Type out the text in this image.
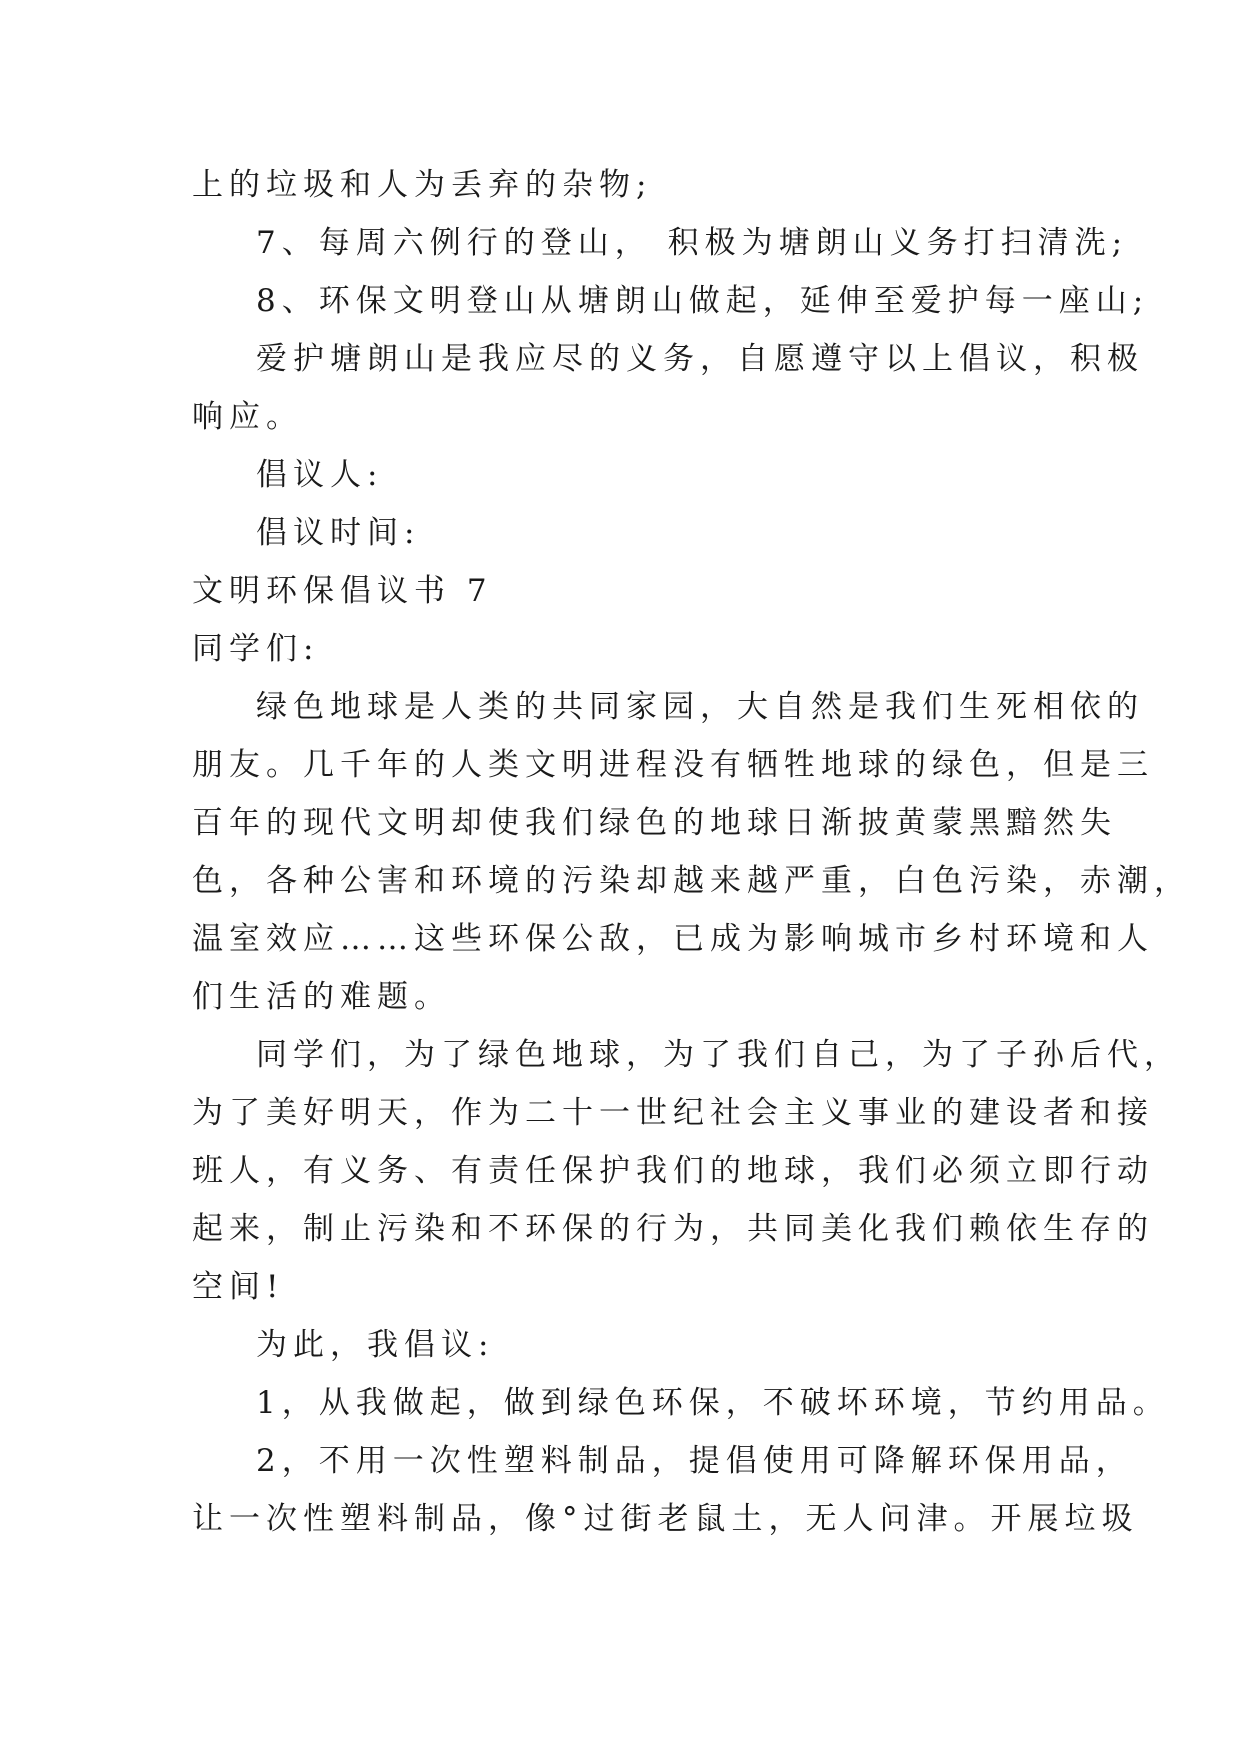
上的垃圾和人为丢弃的杂物;
7、每周六例行的登山， 积极为塘朗山义务打扫清洗;
8、环保文明登山从塘朗山做起，延伸至爱护每一座山;
爱护塘朗山是我应尽的义务，自愿遵守以上倡议，积极
响应。
倡议人:
倡议时间:
文明环保倡议书 7
同学们:
绿色地球是人类的共同家园，大自然是我们生死相依的
朋友。几千年的人类文明进程没有牺牲地球的绿色，但是三
百年的现代文明却使我们绿色的地球日渐披黄蒙黑黯然失
色，各种公害和环境的污染却越来越严重，白色污染，赤潮，
温室效应……这些环保公敌，已成为影响城市乡村环境和人
们生活的难题。
同学们，为了绿色地球，为了我们自己，为了子孙后代，
为了美好明天，作为二十一世纪社会主义事业的建设者和接
班人，有义务、有责任保护我们的地球，我们必须立即行动
起来，制止污染和不环保的行为，共同美化我们赖依生存的
空间!
为此，我倡议:
1，从我做起，做到绿色环保，不破坏环境，节约用品。
2，不用一次性塑料制品，提倡使用可降解环保用品，
让一次性塑料制品，像°过街老鼠土，无人问津。开展垃圾
